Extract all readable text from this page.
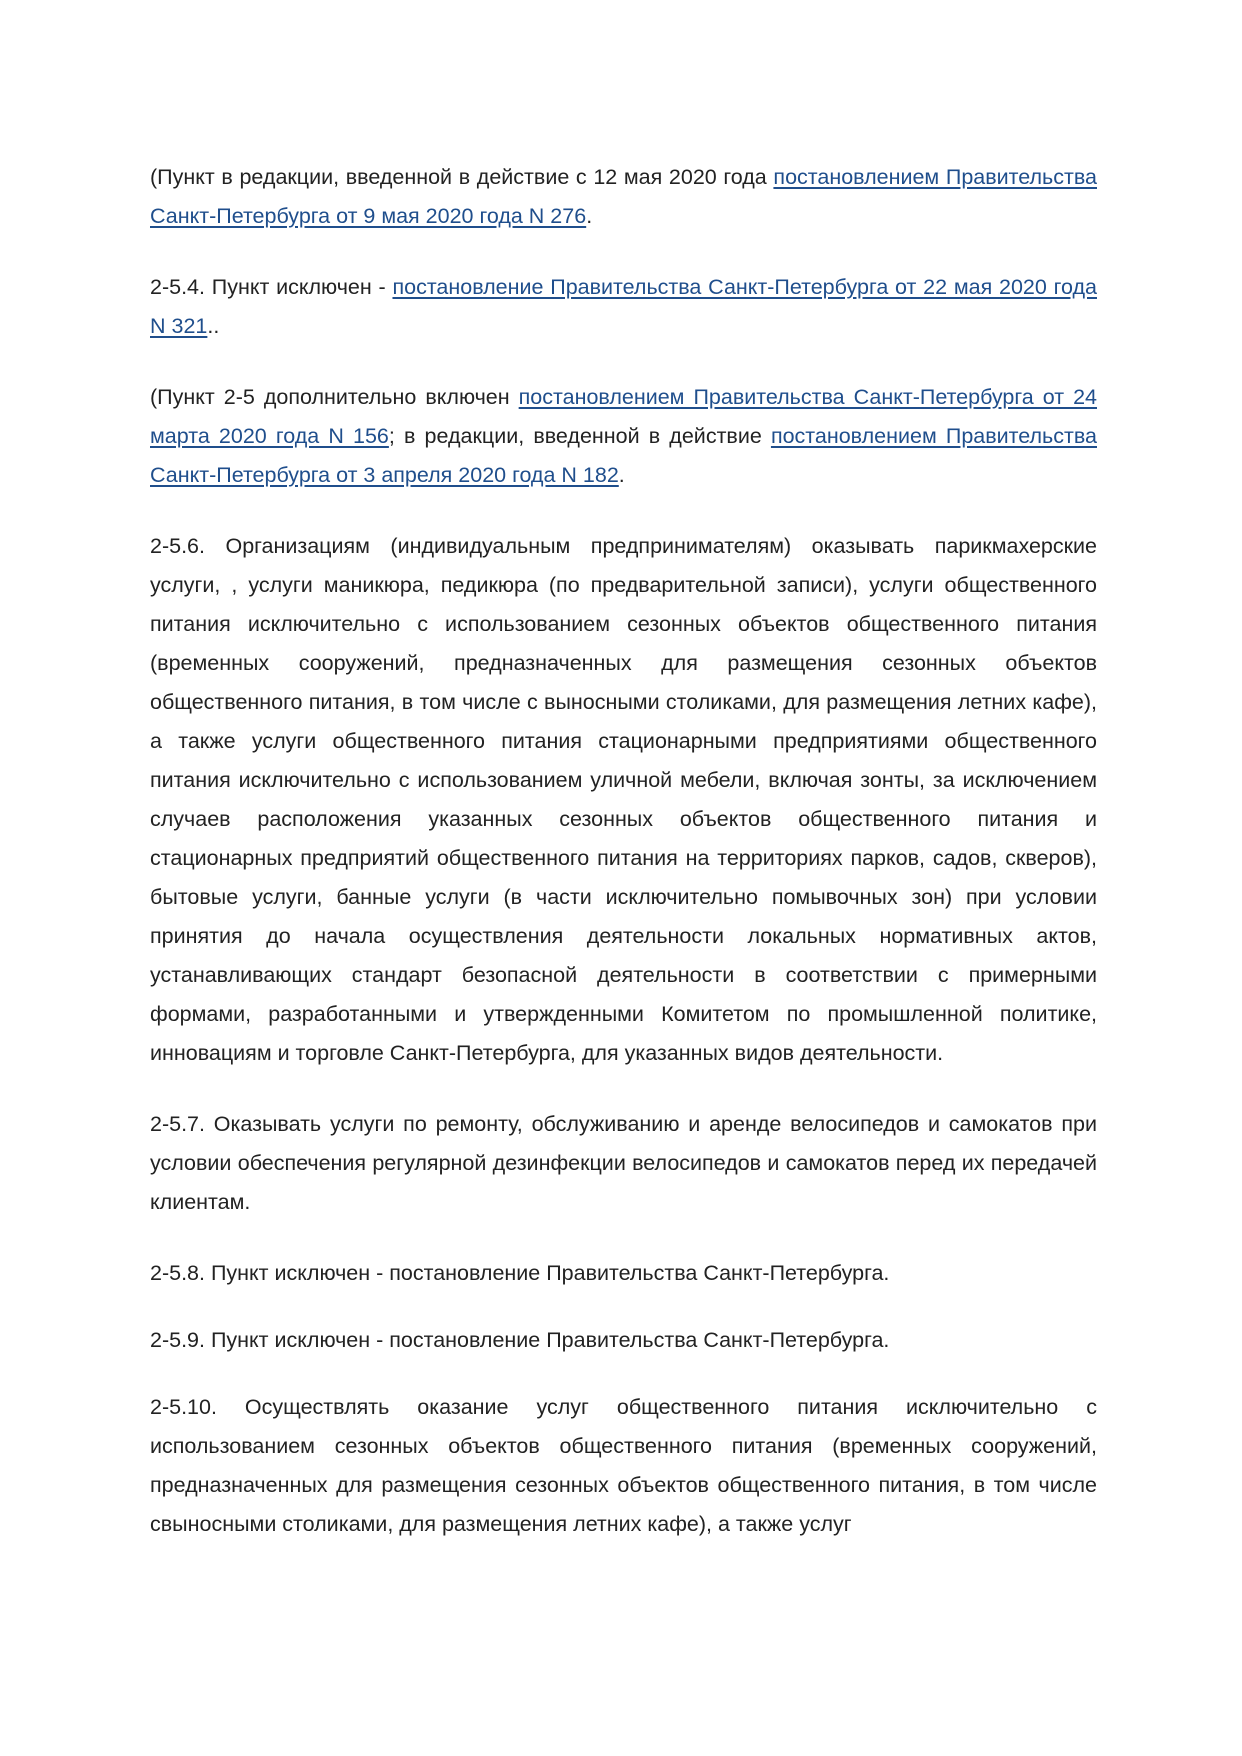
(Пункт в редакции, введенной в действие с 12 мая 2020 года постановлением Правительства Санкт-Петербурга от 9 мая 2020 года N 276.

2-5.4. Пункт исключен - постановление Правительства Санкт-Петербурга от 22 мая 2020 года N 321..

(Пункт 2-5 дополнительно включен постановлением Правительства Санкт-Петербурга от 24 марта 2020 года N 156; в редакции, введенной в действие постановлением Правительства Санкт-Петербурга от 3 апреля 2020 года N 182.

2-5.6. Организациям (индивидуальным предпринимателям) оказывать парикмахерские услуги, , услуги маникюра, педикюра (по предварительной записи), услуги общественного питания исключительно с использованием сезонных объектов общественного питания (временных сооружений, предназначенных для размещения сезонных объектов общественного питания, в том числе с выносными столиками, для размещения летних кафе), а также услуги общественного питания стационарными предприятиями общественного питания исключительно с использованием уличной мебели, включая зонты, за исключением случаев расположения указанных сезонных объектов общественного питания и стационарных предприятий общественного питания на территориях парков, садов, скверов), бытовые услуги, банные услуги (в части исключительно помывочных зон) при условии принятия до начала осуществления деятельности локальных нормативных актов, устанавливающих стандарт безопасной деятельности в соответствии с примерными формами, разработанными и утвержденными Комитетом по промышленной политике, инновациям и торговле Санкт-Петербурга, для указанных видов деятельности.

2-5.7. Оказывать услуги по ремонту, обслуживанию и аренде велосипедов и самокатов при условии обеспечения регулярной дезинфекции велосипедов и самокатов перед их передачей клиентам.

2-5.8. Пункт исключен - постановление Правительства Санкт-Петербурга.

2-5.9. Пункт исключен - постановление Правительства Санкт-Петербурга.

2-5.10. Осуществлять оказание услуг общественного питания исключительно с использованием сезонных объектов общественного питания (временных сооружений, предназначенных для размещения сезонных объектов общественного питания, в том числе свыносными столиками, для размещения летних кафе), а также услуг
